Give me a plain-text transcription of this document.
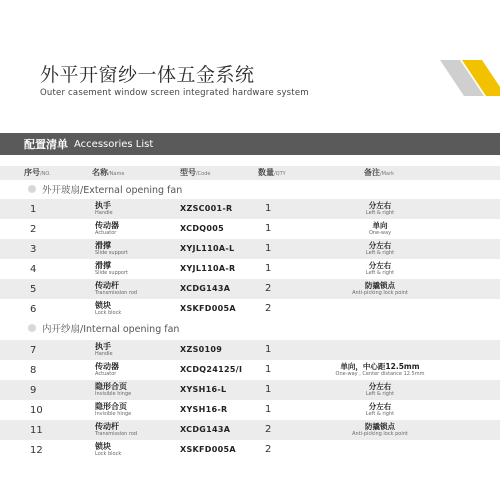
外平开窗纱一体五金系统
Outer casement window screen integrated hardware system
配置清单 Accessories List
序号/NO.	名称/Name	型号/Code	数量/QTY	备注/Mark
外开玻扇/External opening fan
1	执手
Handle	XZSC001-R	1	分左右
Left & right
2	传动器
Actuator	XCDQ005	1	单向
One-way
3	滑撑
Slide support	XYJL110A-L	1	分左右
Left & right
4	滑撑
Slide support	XYJL110A-R	1	分左右
Left & right
5	传动杆
Transmission rod	XCDG143A	2	防撬锁点
Anti-picking lock point
6	锁块
Lock block	XSKFD005A	2
内开纱扇/Internal opening fan
7	执手
Handle	XZS0109	1
8	传动器
Actuator	XCDQ24125/Ⅰ 1	单向，中心距12.5mm
One-way , Center distance 12.5mm
9	隐形合页
Invisible hinge	XYSH16-L	1	分左右
Left & right
10	隐形合页
Invisible hinge	XYSH16-R	1	分左右
Left & right
11	传动杆
Transmission rod	XCDG143A	2	防撬锁点
Anti-picking lock point
12	锁块
Lock block	XSKFD005A	2
